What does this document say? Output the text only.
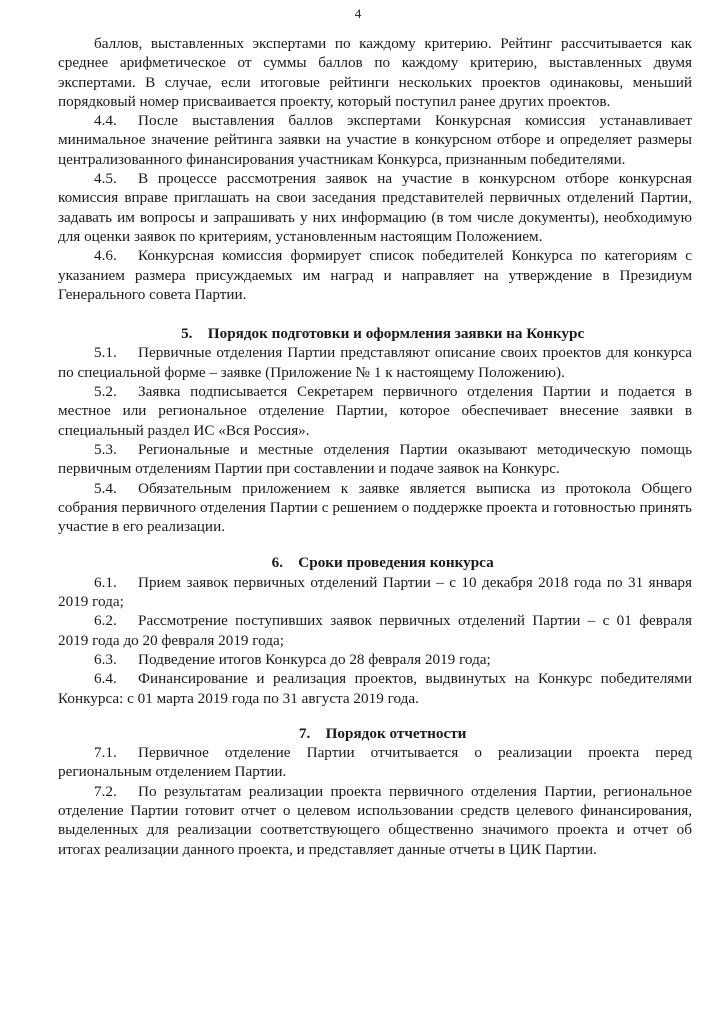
4

баллов, выставленных экспертами по каждому критерию. Рейтинг рассчитывается как среднее арифметическое от суммы баллов по каждому критерию, выставленных двумя экспертами. В случае, если итоговые рейтинги нескольких проектов одинаковы, меньший порядковый номер присваивается проекту, который поступил ранее других проектов.

4.4. После выставления баллов экспертами Конкурсная комиссия устанавливает минимальное значение рейтинга заявки на участие в конкурсном отборе и определяет размеры централизованного финансирования участникам Конкурса, признанным победителями.

4.5. В процессе рассмотрения заявок на участие в конкурсном отборе конкурсная комиссия вправе приглашать на свои заседания представителей первичных отделений Партии, задавать им вопросы и запрашивать у них информацию (в том числе документы), необходимую для оценки заявок по критериям, установленным настоящим Положением.

4.6. Конкурсная комиссия формирует список победителей Конкурса по категориям с указанием размера присуждаемых им наград и направляет на утверждение в Президиум Генерального совета Партии.

5. Порядок подготовки и оформления заявки на Конкурс

5.1. Первичные отделения Партии представляют описание своих проектов для конкурса по специальной форме – заявке (Приложение № 1 к настоящему Положению).

5.2. Заявка подписывается Секретарем первичного отделения Партии и подается в местное или региональное отделение Партии, которое обеспечивает внесение заявки в специальный раздел ИС «Вся Россия».

5.3. Региональные и местные отделения Партии оказывают методическую помощь первичным отделениям Партии при составлении и подаче заявок на Конкурс.

5.4. Обязательным приложением к заявке является выписка из протокола Общего собрания первичного отделения Партии с решением о поддержке проекта и готовностью принять участие в его реализации.

6. Сроки проведения конкурса

6.1. Прием заявок первичных отделений Партии – с 10 декабря 2018 года по 31 января 2019 года;

6.2. Рассмотрение поступивших заявок первичных отделений Партии – с 01 февраля 2019 года до 20 февраля 2019 года;

6.3. Подведение итогов Конкурса до 28 февраля 2019 года;

6.4. Финансирование и реализация проектов, выдвинутых на Конкурс победителями Конкурса: с 01 марта 2019 года по 31 августа 2019 года.

7. Порядок отчетности

7.1. Первичное отделение Партии отчитывается о реализации проекта перед региональным отделением Партии.

7.2. По результатам реализации проекта первичного отделения Партии, региональное отделение Партии готовит отчет о целевом использовании средств целевого финансирования, выделенных для реализации соответствующего общественно значимого проекта и отчет об итогах реализации данного проекта, и представляет данные отчеты в ЦИК Партии.
